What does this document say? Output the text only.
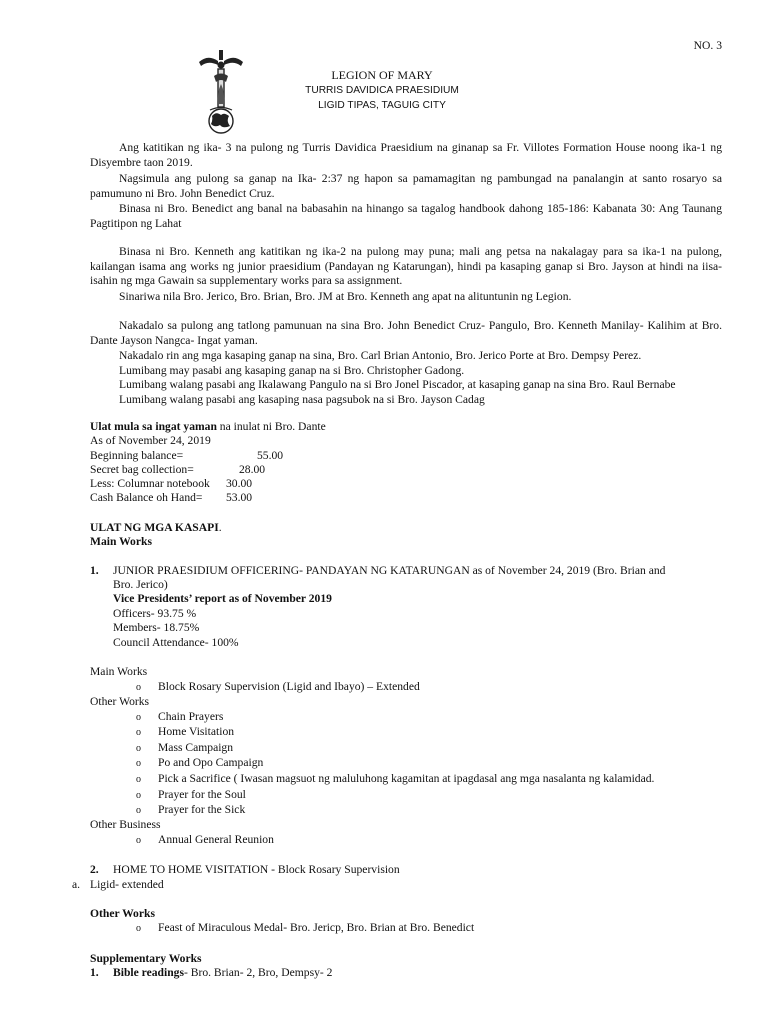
NO. 3
LEGION OF MARY
TURRIS DAVIDICA PRAESIDIUM
LIGID TIPAS, TAGUIG CITY
Ang katitikan ng ika- 3 na pulong ng Turris Davidica Praesidium na ginanap sa Fr. Villotes Formation House noong ika-1 ng Disyembre taon 2019.
Nagsimula ang pulong sa ganap na Ika- 2:37 ng hapon sa pamamagitan ng pambungad na panalangin at santo rosaryo sa pamumuno ni Bro. John Benedict Cruz.
Binasa ni Bro. Benedict ang banal na babasahin na hinango sa tagalog handbook dahong 185-186: Kabanata 30: Ang Taunang Pagtitipon ng Lahat
Binasa ni Bro. Kenneth ang katitikan ng ika-2 na pulong may puna; mali ang petsa na nakalagay para sa ika-1 na pulong, kailangan isama ang works ng junior praesidium (Pandayan ng Katarungan), hindi pa kasaping ganap si Bro. Jayson at hindi na iisa-isahin ng mga Gawain sa supplementary works para sa assignment.
Sinariwa nila Bro. Jerico, Bro. Brian, Bro. JM at Bro. Kenneth ang apat na alituntunin ng Legion.
Nakadalo sa pulong ang tatlong pamunuan na sina Bro. John Benedict Cruz- Pangulo, Bro. Kenneth Manilay- Kalihim at Bro. Dante Jayson Nangca- Ingat yaman.
Nakadalo rin ang mga kasaping ganap na sina, Bro. Carl Brian Antonio, Bro. Jerico Porte at Bro. Dempsy Perez.
Lumibang may pasabi ang kasaping ganap na si Bro. Christopher Gadong.
Lumibang walang pasabi ang Ikalawang Pangulo na si Bro Jonel Piscador, at kasaping ganap na sina Bro. Raul Bernabe
Lumibang walang pasabi ang kasaping nasa pagsubok na si Bro. Jayson Cadag
Ulat mula sa ingat yaman na inulat ni Bro. Dante
As of November 24, 2019
Beginning balance=	55.00
Secret bag collection=	28.00
Less: Columnar notebook	30.00
Cash Balance oh Hand=	53.00
ULAT NG MGA KASAPI.
Main Works
1. JUNIOR PRAESIDIUM OFFICERING- PANDAYAN NG KATARUNGAN as of November 24, 2019 (Bro. Brian and
Bro. Jerico)
Vice Presidents’ report as of November 2019
Officers- 93.75 %
Members- 18.75%
Council Attendance- 100%
Main Works
o Block Rosary Supervision (Ligid and Ibayo) – Extended
Other Works
o Chain Prayers
o Home Visitation
o Mass Campaign
o Po and Opo Campaign
o Pick a Sacrifice ( Iwasan magsuot ng maluluhong kagamitan at ipagdasal ang mga nasalanta ng kalamidad.
o Prayer for the Soul
o Prayer for the Sick
Other Business
o Annual General Reunion
2. HOME TO HOME VISITATION - Block Rosary Supervision
a. Ligid- extended
Other Works
o Feast of Miraculous Medal- Bro. Jericp, Bro. Brian at Bro. Benedict
Supplementary Works
1. Bible readings- Bro. Brian- 2, Bro, Dempsy- 2
